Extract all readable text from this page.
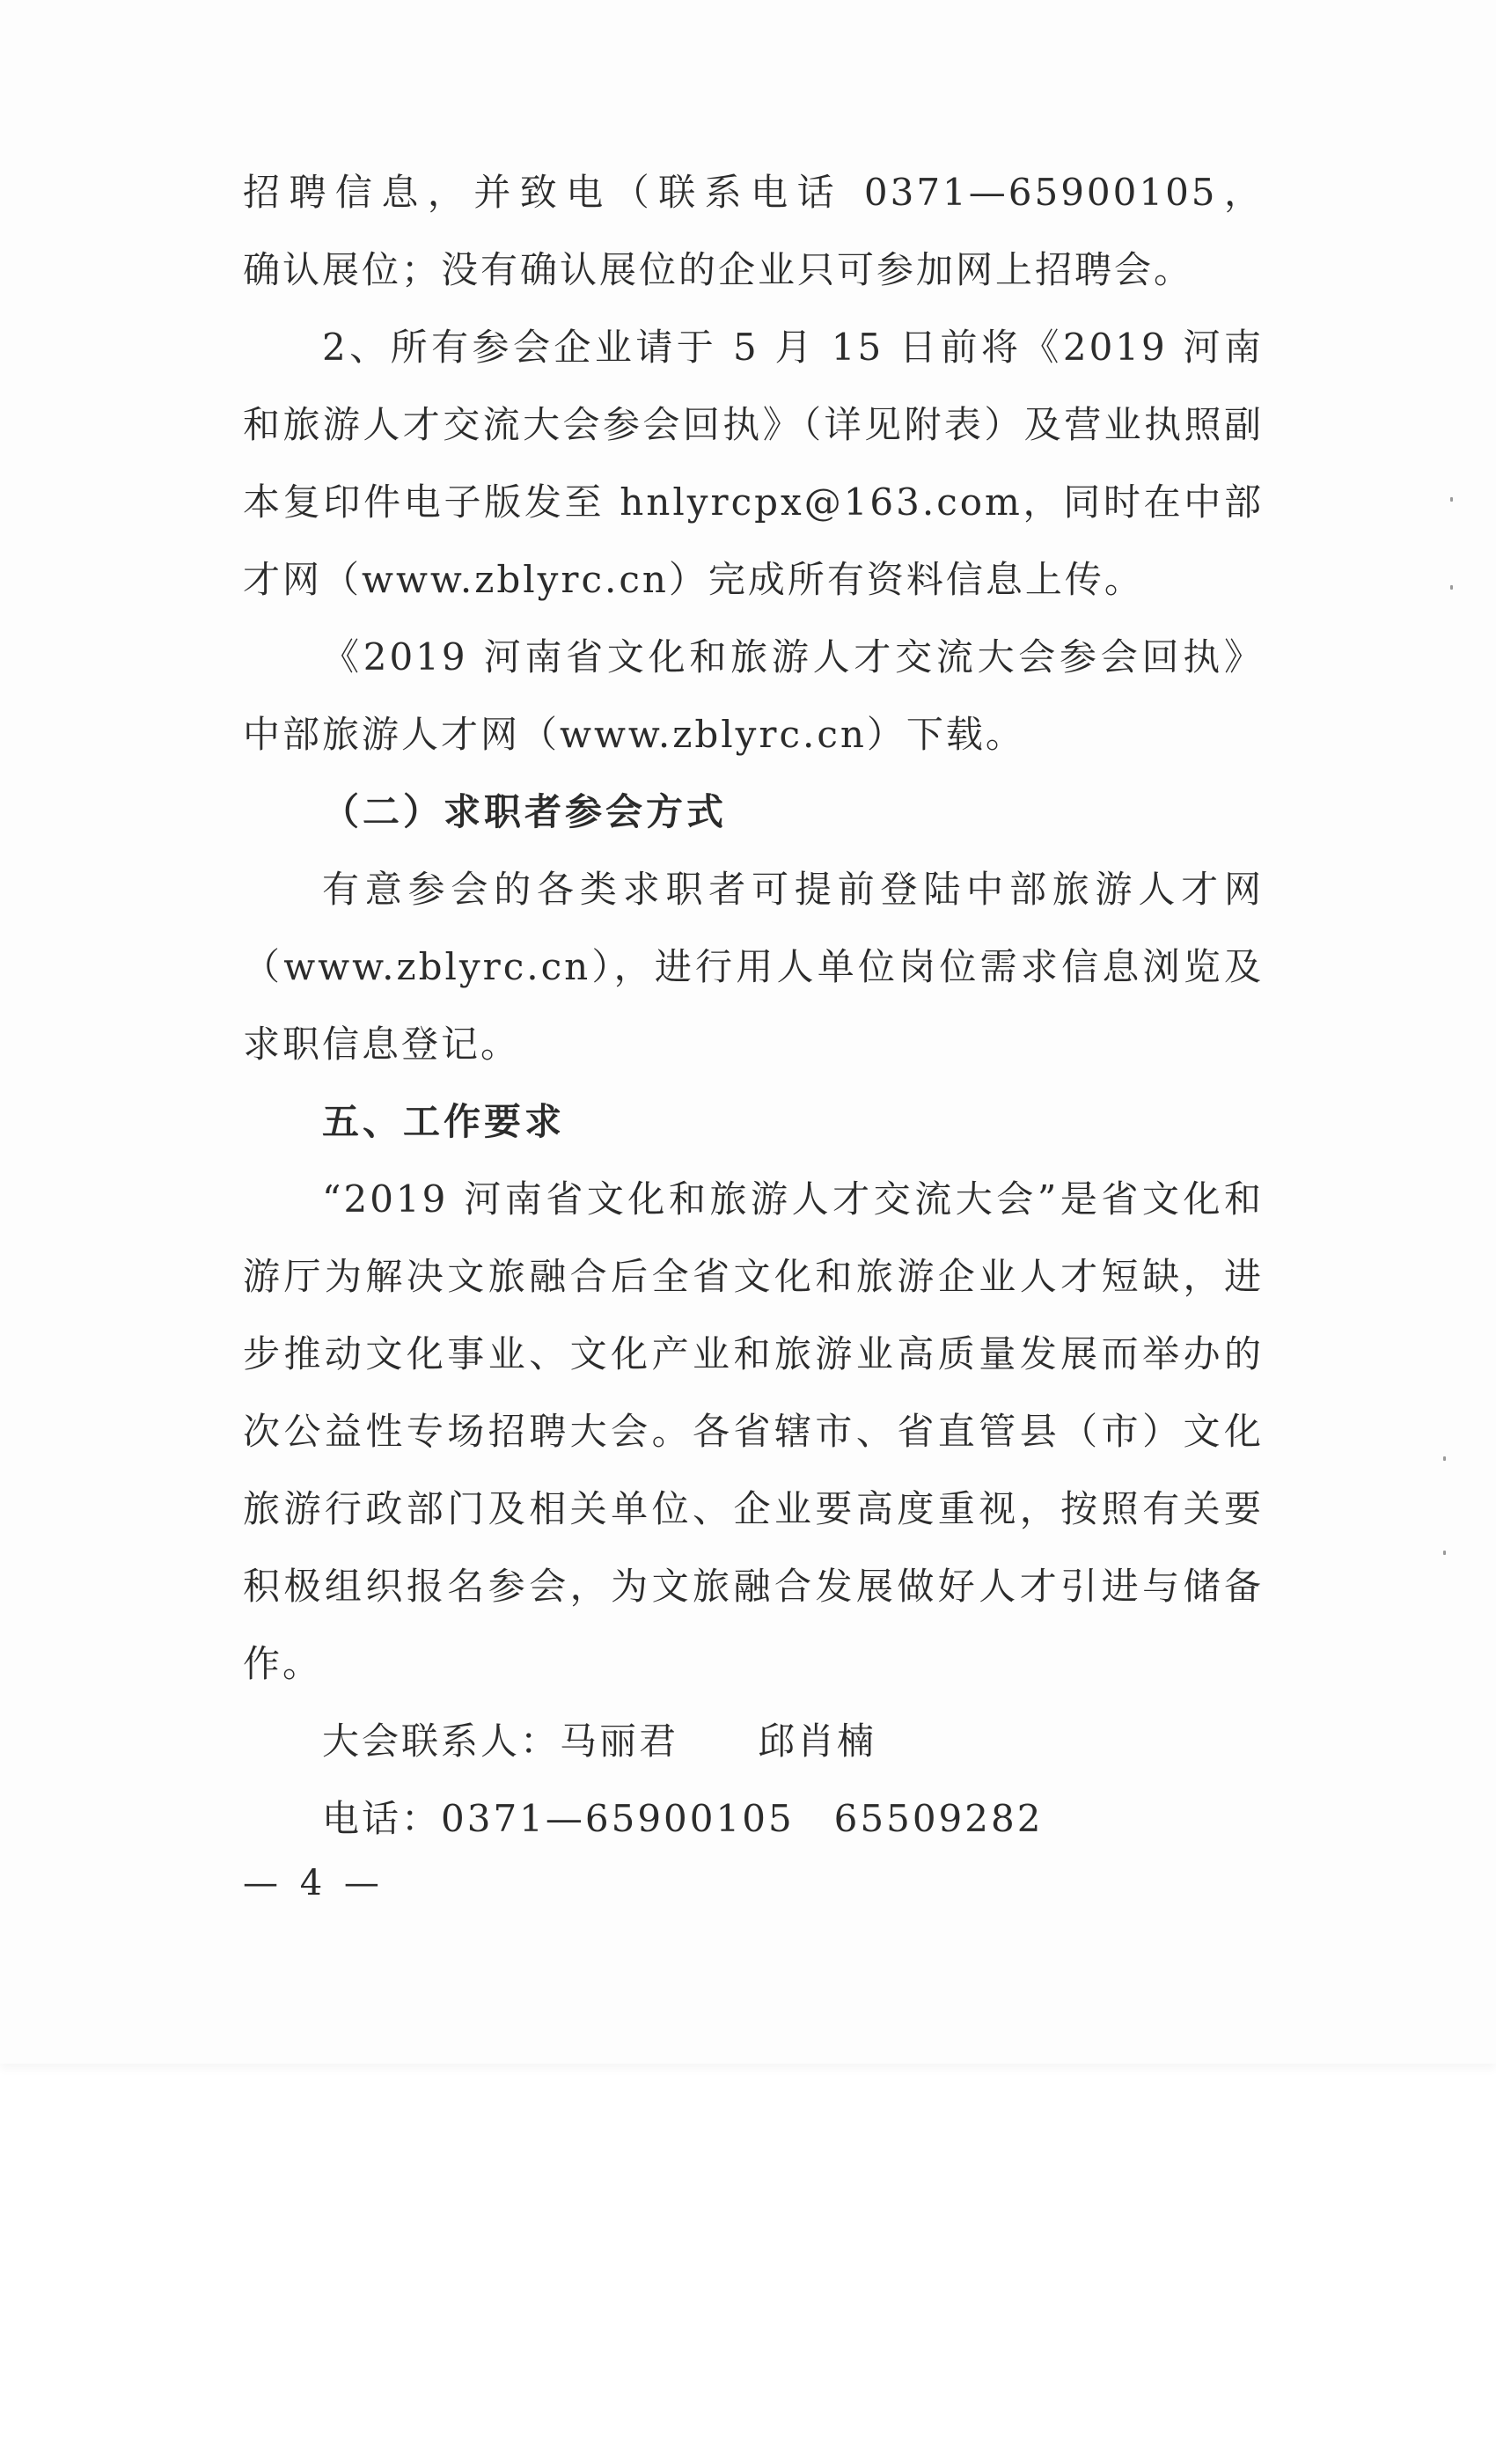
招聘信息，并致电（联系电话 0371—65900105，
确认展位；没有确认展位的企业只可参加网上招聘会。
2、所有参会企业请于 5 月 15 日前将《2019 河南
和旅游人才交流大会参会回执》（详见附表）及营业执照副
本复印件电子版发至 hnlyrcpx@163.com，同时在中部
才网（www.zblyrc.cn）完成所有资料信息上传。
《2019 河南省文化和旅游人才交流大会参会回执》
中部旅游人才网（www.zblyrc.cn）下载。
（二）求职者参会方式
有意参会的各类求职者可提前登陆中部旅游人才网
（www.zblyrc.cn），进行用人单位岗位需求信息浏览及
求职信息登记。
五、工作要求
“2019 河南省文化和旅游人才交流大会”是省文化和
游厅为解决文旅融合后全省文化和旅游企业人才短缺，进
步推动文化事业、文化产业和旅游业高质量发展而举办的
次公益性专场招聘大会。各省辖市、省直管县（市）文化
旅游行政部门及相关单位、企业要高度重视，按照有关要
积极组织报名参会，为文旅融合发展做好人才引进与储备
作。
大会联系人：马丽君　　邱肖楠
电话：0371—65900105　65509282
— 4 —
